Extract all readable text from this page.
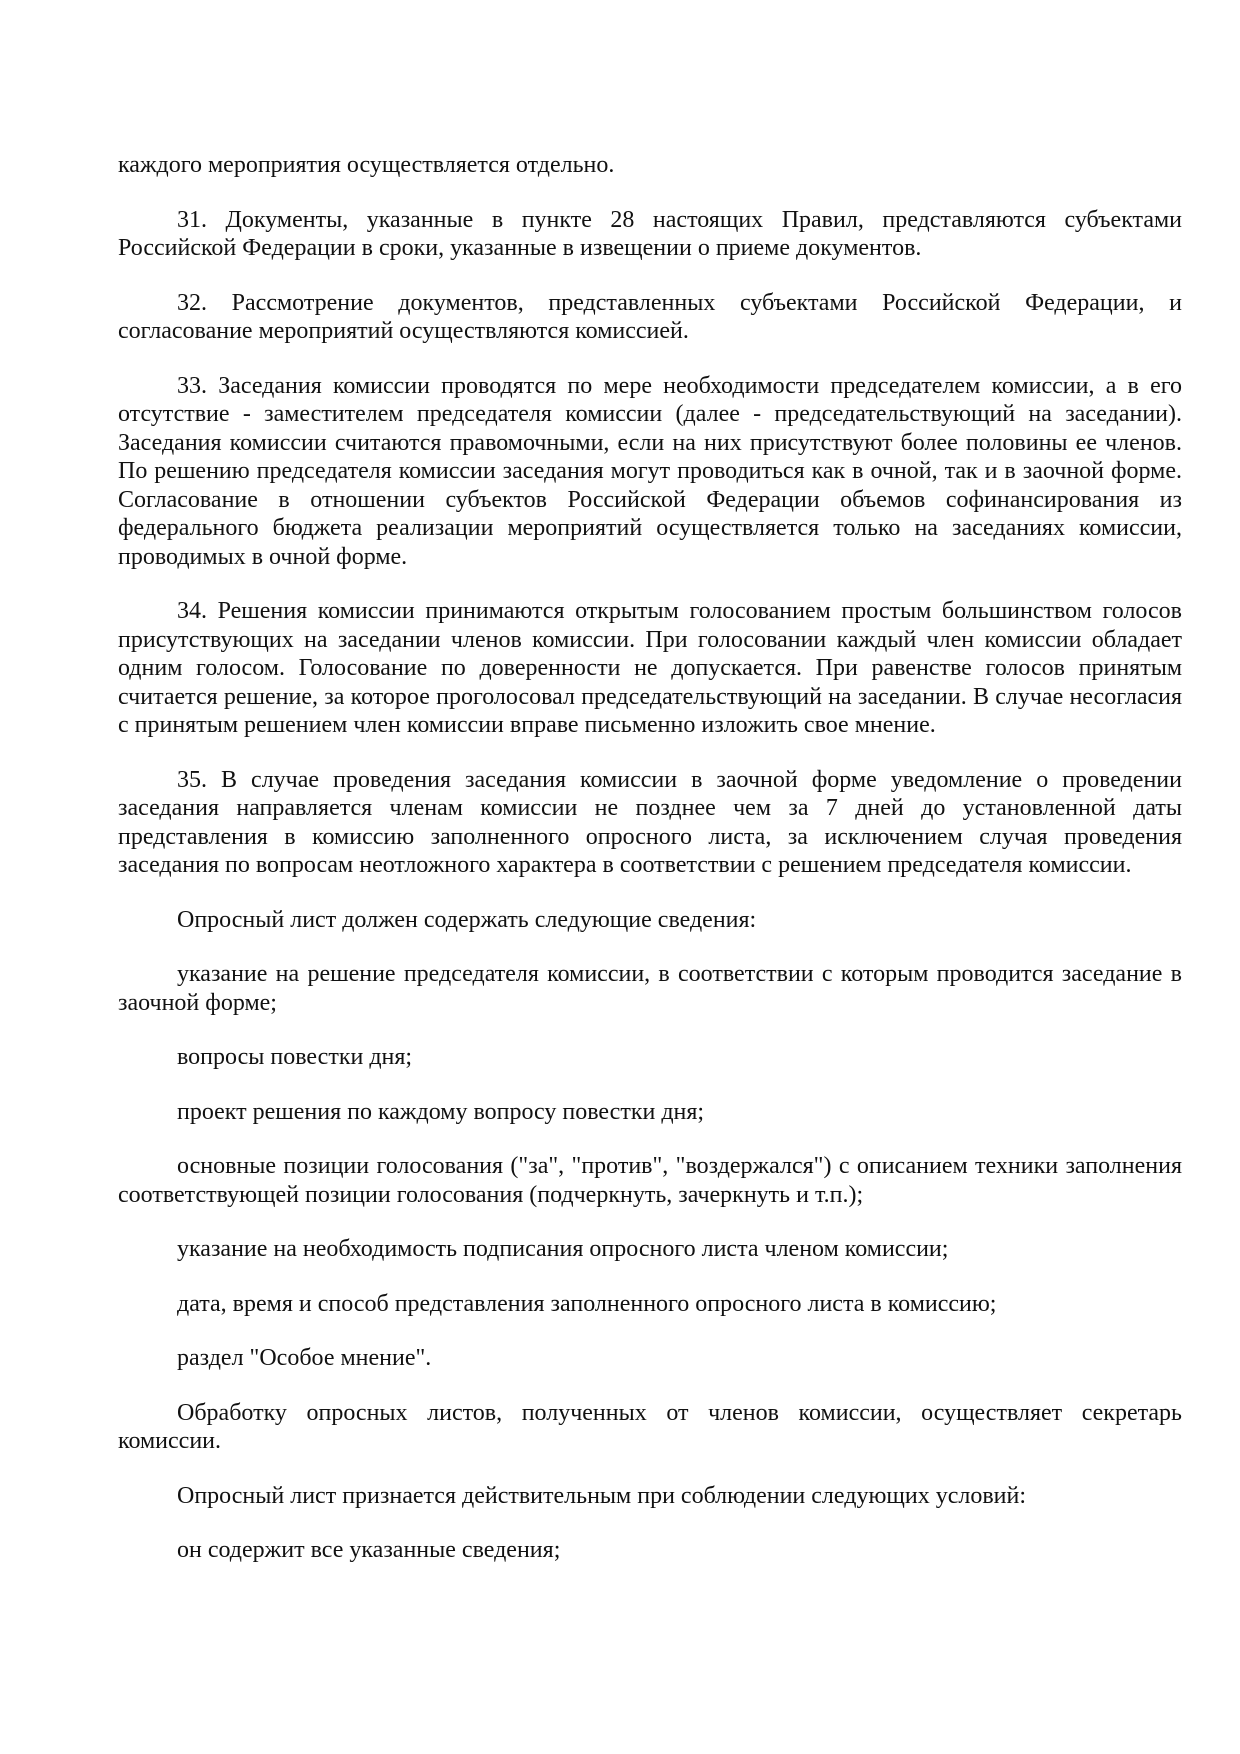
каждого мероприятия осуществляется отдельно.

31. Документы, указанные в пункте 28 настоящих Правил, представляются субъектами Российской Федерации в сроки, указанные в извещении о приеме документов.

32. Рассмотрение документов, представленных субъектами Российской Федерации, и согласование мероприятий осуществляются комиссией.

33. Заседания комиссии проводятся по мере необходимости председателем комиссии, а в его отсутствие - заместителем председателя комиссии (далее - председательствующий на заседании). Заседания комиссии считаются правомочными, если на них присутствуют более половины ее членов. По решению председателя комиссии заседания могут проводиться как в очной, так и в заочной форме. Согласование в отношении субъектов Российской Федерации объемов софинансирования из федерального бюджета реализации мероприятий осуществляется только на заседаниях комиссии, проводимых в очной форме.

34. Решения комиссии принимаются открытым голосованием простым большинством голосов присутствующих на заседании членов комиссии. При голосовании каждый член комиссии обладает одним голосом. Голосование по доверенности не допускается. При равенстве голосов принятым считается решение, за которое проголосовал председательствующий на заседании. В случае несогласия с принятым решением член комиссии вправе письменно изложить свое мнение.

35. В случае проведения заседания комиссии в заочной форме уведомление о проведении заседания направляется членам комиссии не позднее чем за 7 дней до установленной даты представления в комиссию заполненного опросного листа, за исключением случая проведения заседания по вопросам неотложного характера в соответствии с решением председателя комиссии.

Опросный лист должен содержать следующие сведения:

указание на решение председателя комиссии, в соответствии с которым проводится заседание в заочной форме;

вопросы повестки дня;

проект решения по каждому вопросу повестки дня;

основные позиции голосования ("за", "против", "воздержался") с описанием техники заполнения соответствующей позиции голосования (подчеркнуть, зачеркнуть и т.п.);

указание на необходимость подписания опросного листа членом комиссии;

дата, время и способ представления заполненного опросного листа в комиссию;

раздел "Особое мнение".

Обработку опросных листов, полученных от членов комиссии, осуществляет секретарь комиссии.

Опросный лист признается действительным при соблюдении следующих условий:

он содержит все указанные сведения;
